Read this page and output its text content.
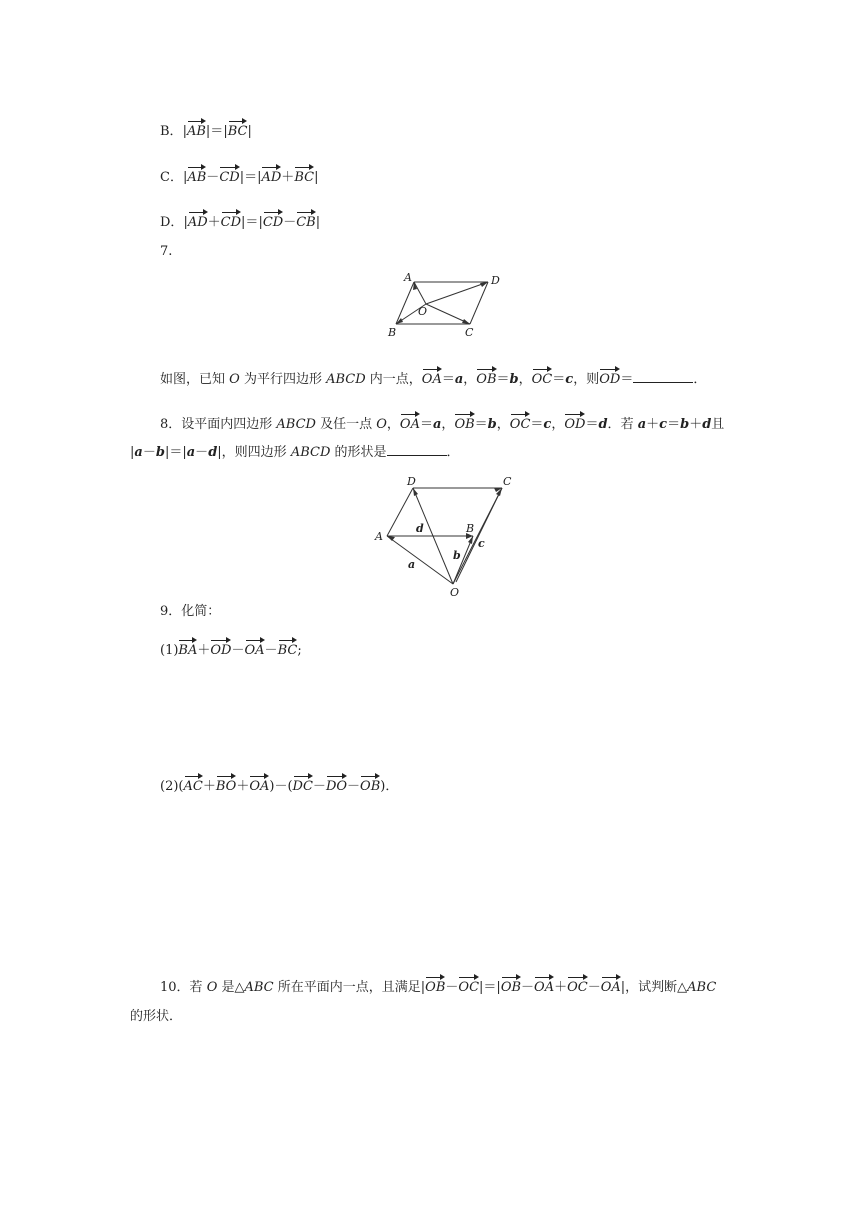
B．|AB|＝|BC|
C．|AB－CD|＝|AD＋BC|
D．|AD＋CD|＝|CD－CB|
7.
A	D
B	C
O
如图，已知 O 为平行四边形 ABCD 内一点，OA＝a，OB＝b，OC＝c，则OD＝	．
8．设平面内四边形 ABCD 及任一点 O，OA＝a，OB＝b，OC＝c，OD＝d．若 a＋c＝b＋d且
|a－b|＝|a－d|，则四边形 ABCD 的形状是	．
D	C
A
B
O
d
b
c
a
9．化简：
(1)BA＋OD－OA－BC;
(2)(AC＋BO＋OA)－(DC－DO－OB)．
10．若 O 是△ABC 所在平面内一点，且满足|OB－OC|＝|OB－OA＋OC－OA|，试判断△ABC
的形状．
